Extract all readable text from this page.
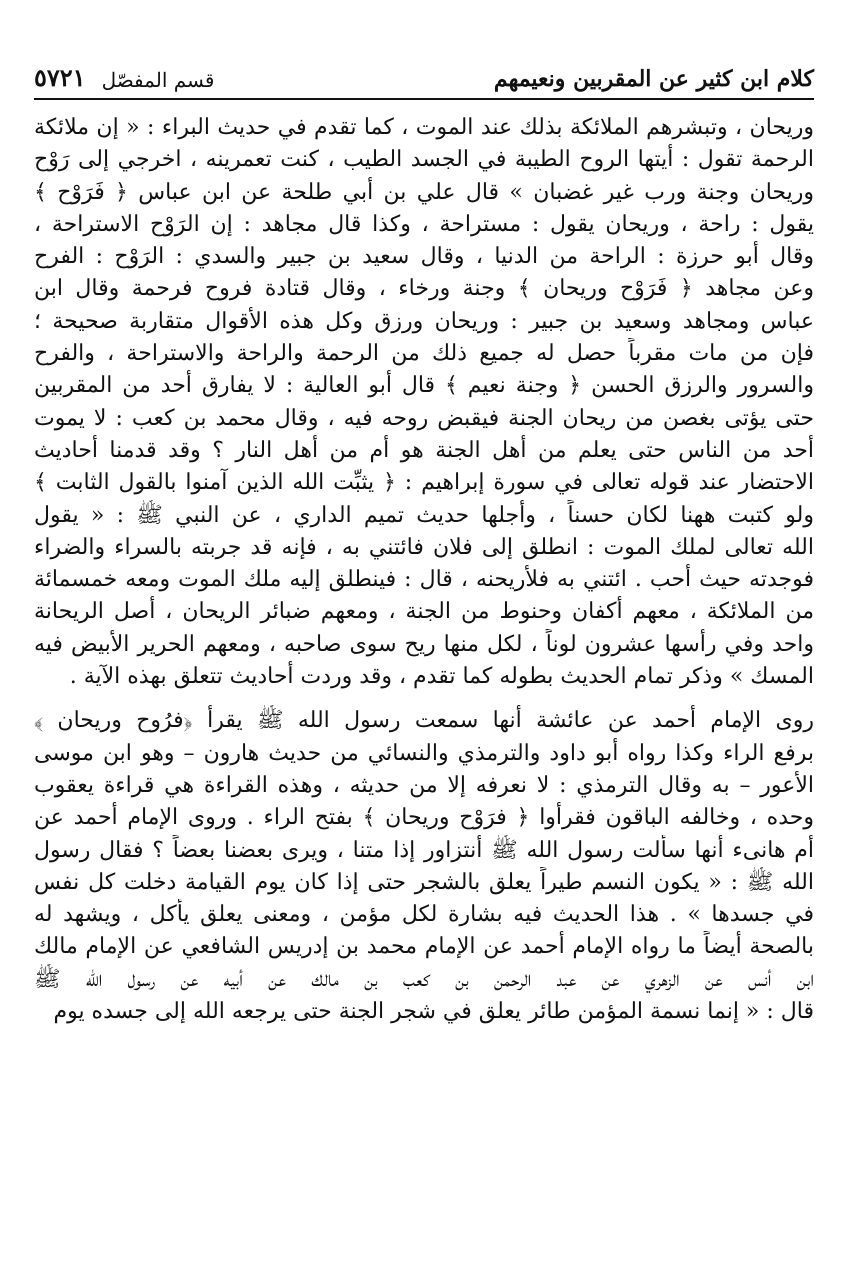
كلام ابن كثير عن المقربين ونعيمهم
قسم المفصّل
٥٧٢١
وريحان ، وتبشرهم الملائكة بذلك عند الموت ، كما تقدم في حديث البراء : « إن ملائكة
الرحمة تقول : أيتها الروح الطيبة في الجسد الطيب ، كنت تعمرينه ، اخرجي إلى رَوْح
وريحان وجنة ورب غير غضبان » قال علي بن أبي طلحة عن ابن عباس ﴿ فَرَوْح ﴾
يقول : راحة ، وريحان يقول : مستراحة ، وكذا قال مجاهد : إن الرَوْح الاستراحة ،
وقال أبو حرزة : الراحة من الدنيا ، وقال سعيد بن جبير والسدي : الرَوْح : الفرح
وعن مجاهد ﴿ فَرَوْح وريحان ﴾ وجنة ورخاء ، وقال قتادة فروح فرحمة وقال ابن
عباس ومجاهد وسعيد بن جبير : وريحان ورزق وكل هذه الأقوال متقاربة صحيحة ؛
فإن من مات مقرباً حصل له جميع ذلك من الرحمة والراحة والاستراحة ، والفرح
والسرور والرزق الحسن ﴿ وجنة نعيم ﴾ قال أبو العالية : لا يفارق أحد من المقربين
حتى يؤتى بغصن من ريحان الجنة فيقبض روحه فيه ، وقال محمد بن كعب : لا يموت
أحد من الناس حتى يعلم من أهل الجنة هو أم من أهل النار ؟ وقد قدمنا أحاديث
الاحتضار عند قوله تعالى في سورة إبراهيم : ﴿ يثبِّت الله الذين آمنوا بالقول الثابت ﴾
ولو كتبت ههنا لكان حسناً ، وأجلها حديث تميم الداري ، عن النبي ﷺ : « يقول
الله تعالى لملك الموت : انطلق إلى فلان فائتني به ، فإنه قد جربته بالسراء والضراء
فوجدته حيث أحب . ائتني به فلأريحنه ، قال : فينطلق إليه ملك الموت ومعه خمسمائة
من الملائكة ، معهم أكفان وحنوط من الجنة ، ومعهم ضبائر الريحان ، أصل الريحانة
واحد وفي رأسها عشرون لوناً ، لكل منها ريح سوى صاحبه ، ومعهم الحرير الأبيض فيه
المسك » وذكر تمام الحديث بطوله كما تقدم ، وقد وردت أحاديث تتعلق بهذه الآية .
روى الإمام أحمد عن عائشة أنها سمعت رسول الله ﷺ يقرأ ﴿فرُوح وريحان ﴾
برفع الراء وكذا رواه أبو داود والترمذي والنسائي من حديث هارون – وهو ابن موسى
الأعور – به وقال الترمذي : لا نعرفه إلا من حديثه ، وهذه القراءة هي قراءة يعقوب
وحده ، وخالفه الباقون فقرأوا ﴿ فرَوْح وريحان ﴾ بفتح الراء . وروى الإمام أحمد عن
أم هانىء أنها سألت رسول الله ﷺ أنتزاور إذا متنا ، ويرى بعضنا بعضاً ؟ فقال رسول
الله ﷺ : « يكون النسم طيراً يعلق بالشجر حتى إذا كان يوم القيامة دخلت كل نفس
في جسدها » . هذا الحديث فيه بشارة لكل مؤمن ، ومعنى يعلق يأكل ، ويشهد له
بالصحة أيضاً ما رواه الإمام أحمد عن الإمام محمد بن إدريس الشافعي عن الإمام مالك
ابن أنس عن الزهري عن عبد الرحمن بن كعب بن مالك عن أبيه عن رسول الله ﷺ
قال : « إنما نسمة المؤمن طائر يعلق في شجر الجنة حتى يرجعه الله إلى جسده يوم
